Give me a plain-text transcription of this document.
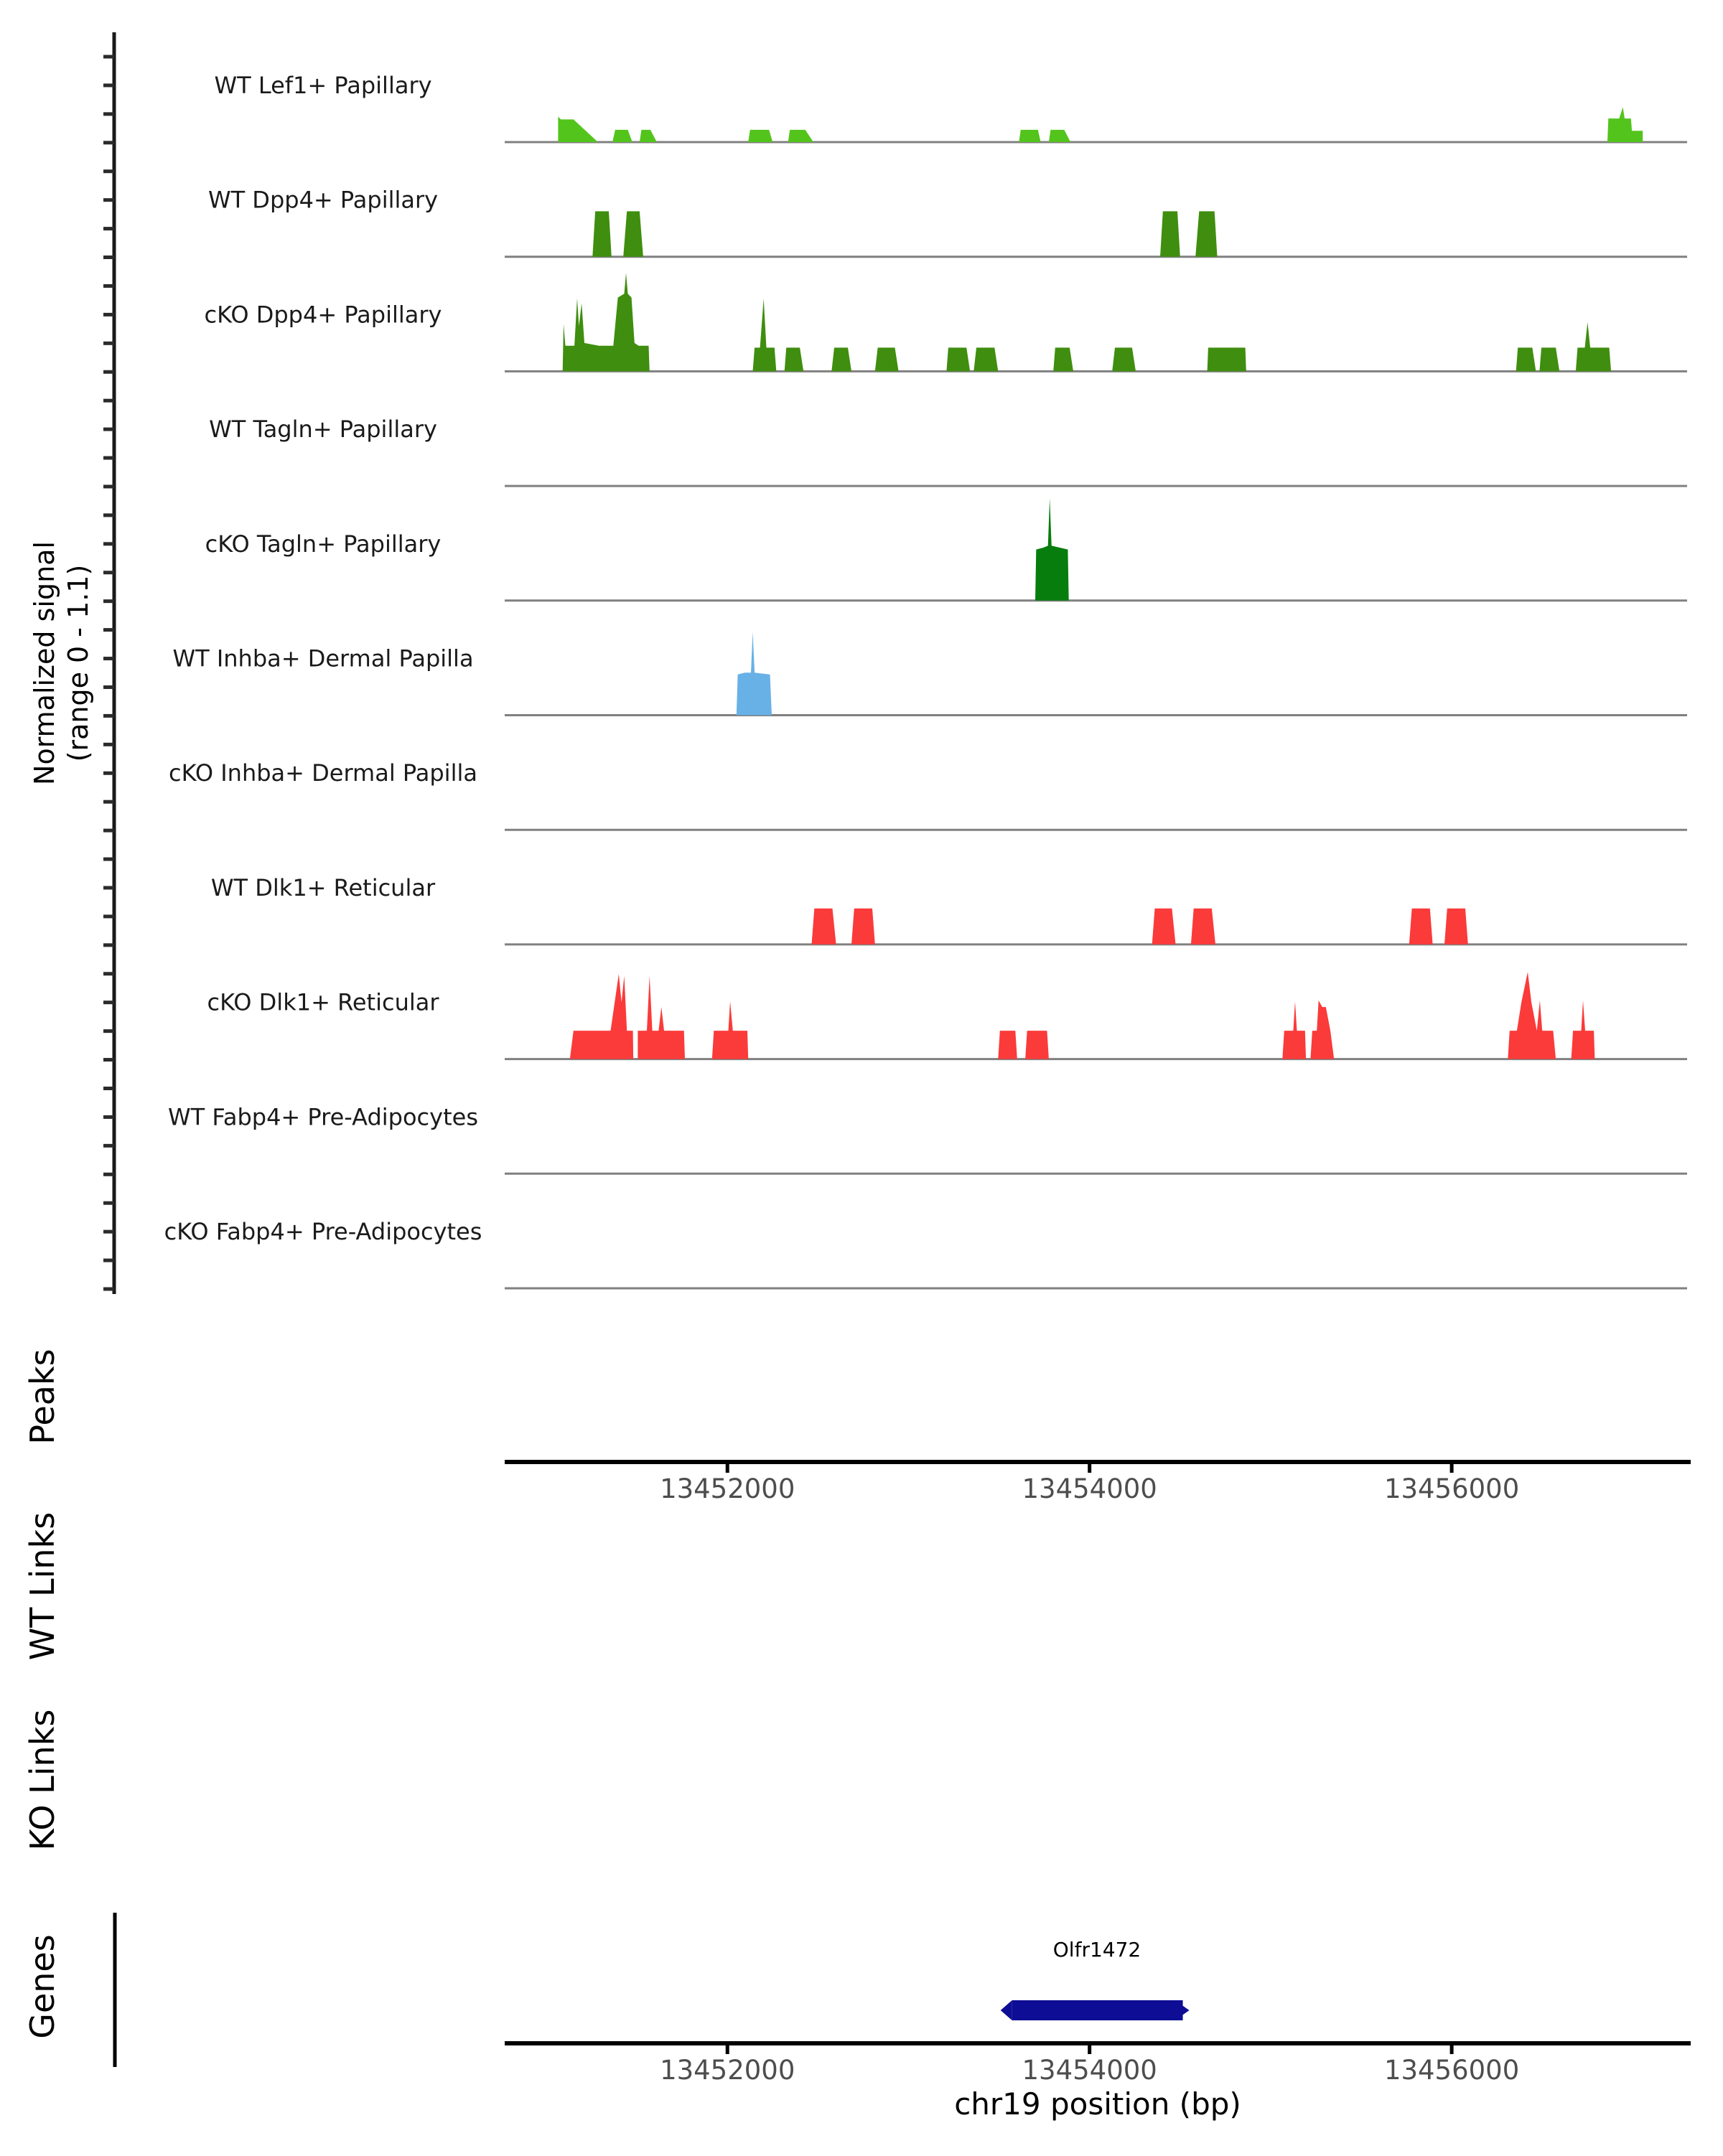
WT Lef1+ Papillary
WT Dpp4+ Papillary
cKO Dpp4+ Papillary
WT Tagln+ Papillary
cKO Tagln+ Papillary
WT Inhba+ Dermal Papilla
cKO Inhba+ Dermal Papilla
WT Dlk1+ Reticular
cKO Dlk1+ Reticular
WT Fabp4+ Pre-Adipocytes
cKO Fabp4+ Pre-Adipocytes
13452000	13454000	13456000
13452000	13454000	13456000
Normalized signal (range 0 - 1.1)
Peaks
WT Links
KO Links
Genes	Olfr1472
chr19 position (bp)
